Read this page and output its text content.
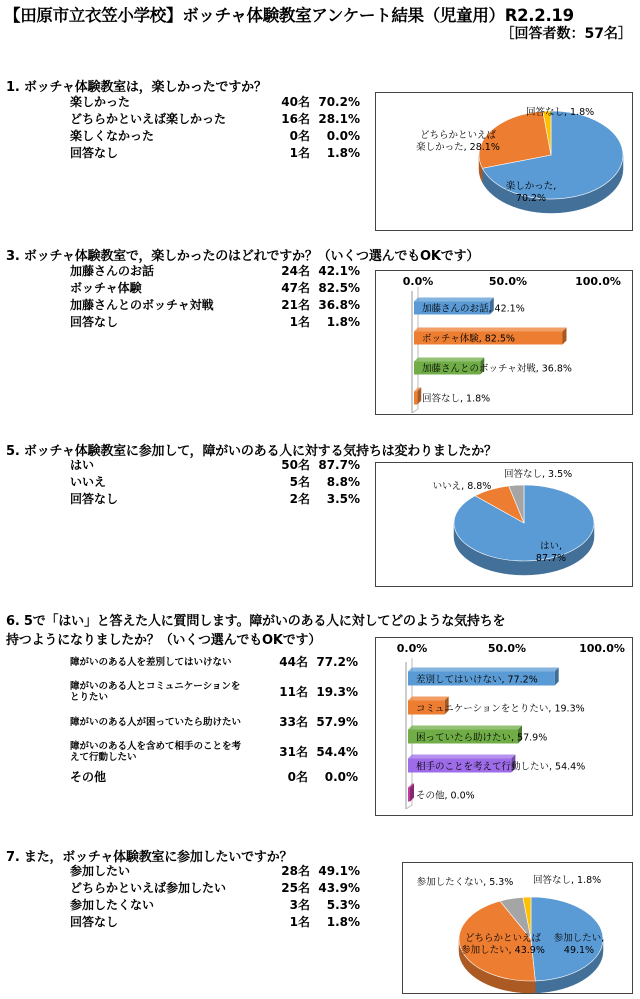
【田原市立衣笠小学校】ボッチャ体験教室アンケート結果（児童用）R2.2.19
［回答者数：57名］
1. ボッチャ体験教室は，楽しかったですか？
楽しかった	40名	70.2%
どちらかといえば楽しかった	16名	28.1%
楽しくなかった	0名	0.0%
回答なし	1名	1.8%
楽しかった, 70.2%
どちらかといえば楽しかった, 28.1%
回答なし, 1.8%
3. ボッチャ体験教室で，楽しかったのはどれですか？（いくつ選んでもOKです）
加藤さんのお話	24名	42.1%
ボッチャ体験	47名	82.5%
加藤さんとのボッチャ対戦	21名	36.8%
回答なし	1名	1.8%
0.0%	50.0%	100.0%
加藤さんのお話, 42.1%
ボッチャ体験, 82.5%
加藤さんとのボッチャ対戦, 36.8%
回答なし, 1.8%
5. ボッチャ体験教室に参加して，障がいのある人に対する気持ちは変わりましたか？
はい	50名	87.7%
いいえ	5名	8.8%
回答なし	2名	3.5%
はい, 87.7%
いいえ, 8.8%
回答なし, 3.5%
6. 5で「はい」と答えた人に質問します。障がいのある人に対してどのような気持ちを
持つようになりましたか？（いくつ選んでもOKです）
障がいのある人を差別してはいけない	44名	77.2%
障がいのある人とコミュニケーションをとりたい	11名	19.3%
障がいのある人が困っていたら助けたい	33名	57.9%
障がいのある人を含めて相手のことを考えて行動したい	31名	54.4%
その他	0名	0.0%
0.0%	50.0%	100.0%
差別してはいけない, 77.2%
コミュニケーションをとりたい, 19.3%
困っていたら助けたい, 57.9%
相手のことを考えて行動したい, 54.4%
その他, 0.0%
7. また，ボッチャ体験教室に参加したいですか？
参加したい	28名	49.1%
どちらかといえば参加したい	25名	43.9%
参加したくない	3名	5.3%
回答なし	1名	1.8%
参加したい, 49.1%
どちらかといえば参加したい, 43.9%
参加したくない, 5.3% 回答なし, 1.8%
